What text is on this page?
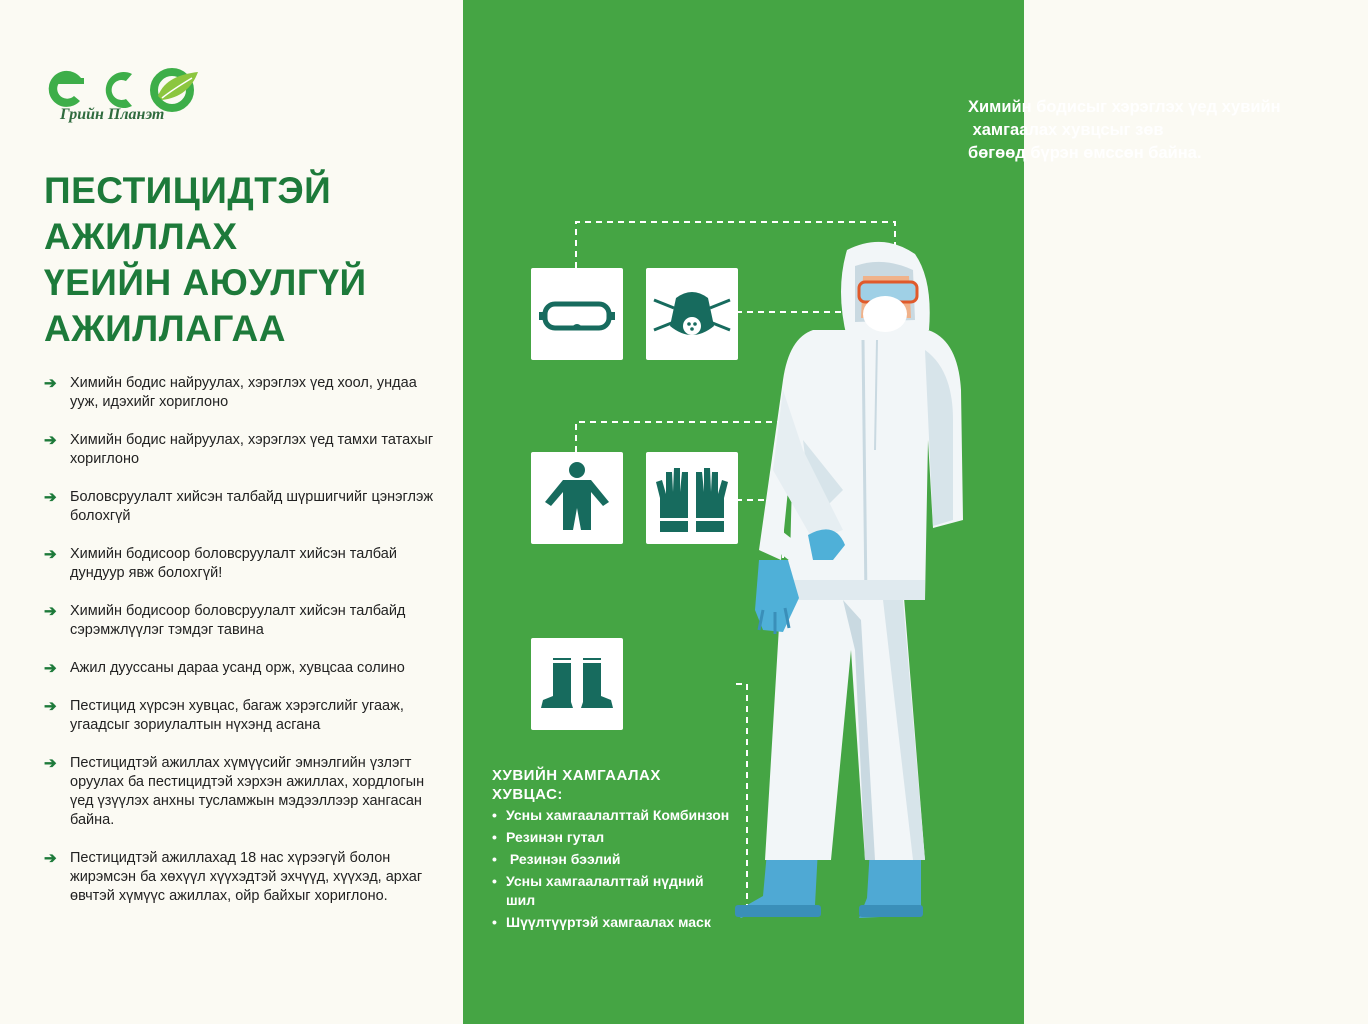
Грийн Планэт
ПЕСТИЦИДТЭЙ
АЖИЛЛАХ
ҮЕИЙН АЮУЛГҮЙ
АЖИЛЛАГАА
➔ Химийн бодис найруулах, хэрэглэх үед хоол, ундаа ууж, идэхийг хориглоно
➔ Химийн бодис найруулах, хэрэглэх үед тамхи татахыг хориглоно
➔ Боловсруулалт хийсэн талбайд шүршигчийг цэнэглэж болохгүй
➔ Химийн бодисоор боловсруулалт хийсэн талбай дундуур явж болохгүй!
➔ Химийн бодисоор боловсруулалт хийсэн талбайд сэрэмжлүүлэг тэмдэг тавина
➔ Ажил дууссаны дараа усанд орж, хувцсаа солино
➔ Пестицид хүрсэн хувцас, багаж хэрэгслийг угааж, угаадсыг зориулалтын нүхэнд асгана
➔ Пестицидтэй ажиллах хүмүүсийг эмнэлгийн үзлэгт оруулах ба пестицидтэй хэрхэн ажиллах, хордлогын үед үзүүлэх анхны тусламжын мэдээллээр хангасан байна.
➔ Пестицидтэй ажиллахад 18 нас хүрээгүй болон жирэмсэн ба хөхүүл хүүхэдтэй эхчүүд, хүүхэд, архаг өвчтэй хүмүүс ажиллах, ойр байхыг хориглоно.
Химийн бодисыг хэрэглэх үед хувийн
хамгаалах хувцсыг зөв
бөгөөд бүрэн өмссөн байна.
ХУВИЙН ХАМГААЛАХ
ХУВЦАС:
• Усны хамгаалалттай Комбинзон
• Резинэн гутал
• Резинэн бээлий
• Усны хамгаалалттай нүдний шил
• Шүүлтүүртэй хамгаалах маск
